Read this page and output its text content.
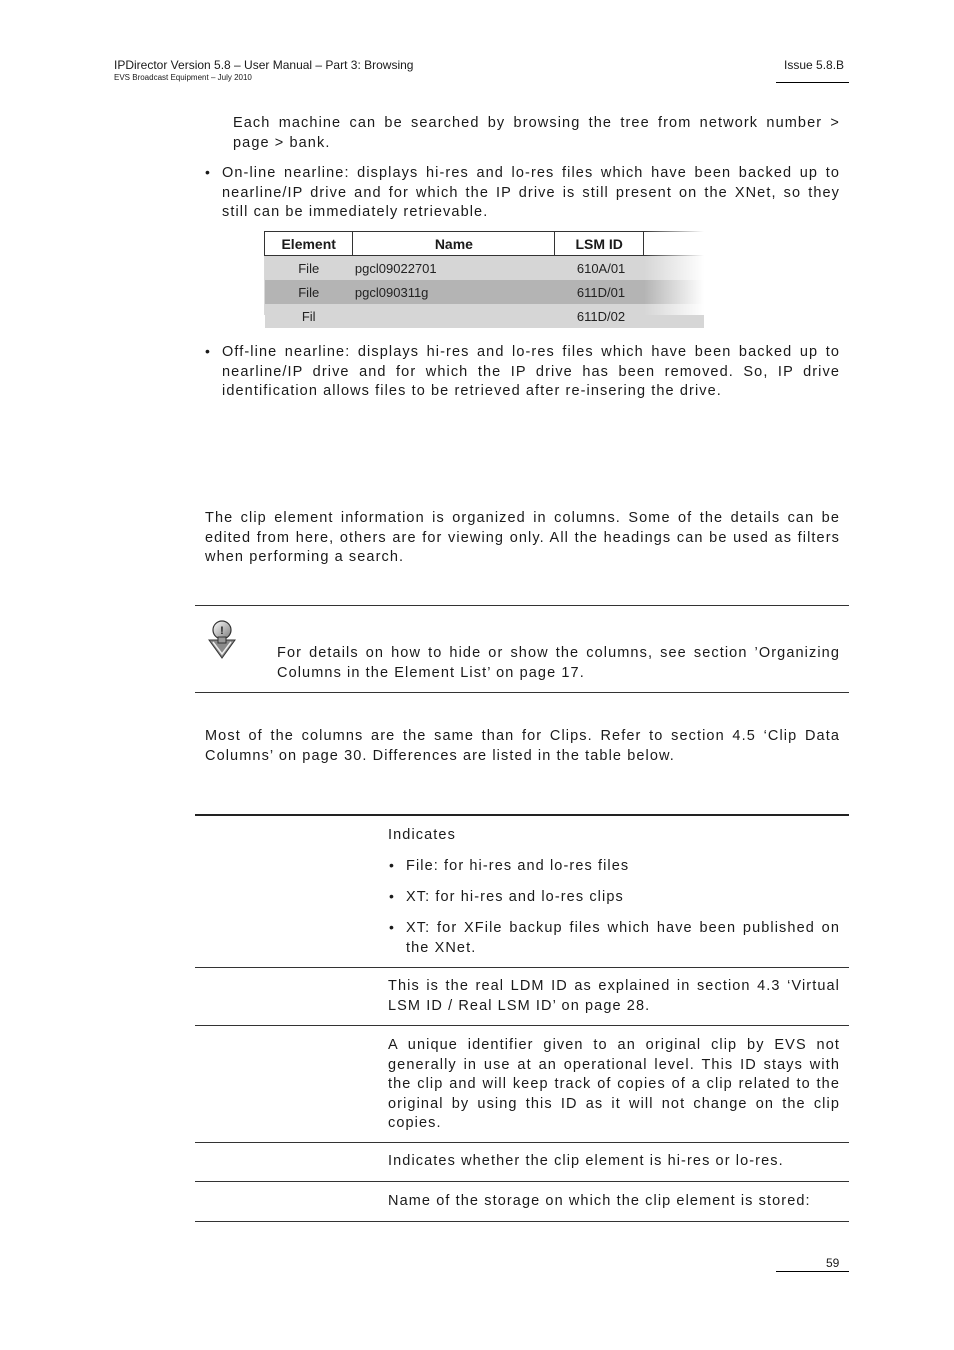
IPDirector Version 5.8 – User Manual – Part 3: Browsing
EVS Broadcast Equipment – July 2010
Issue 5.8.B
Each machine can be searched by browsing the tree from network number > page > bank.
• On-line nearline: displays hi-res and lo-res files which have been backed up to nearline/IP drive and for which the IP drive is still present on the XNet, so they still can be immediately retrievable.
Element	Name	LSM ID	
File	pgcl09022701	610A/01	
File	pgcl090311g	611D/01	
Fil		611D/02	
• Off-line nearline: displays hi-res and lo-res files which have been backed up to nearline/IP drive and for which the IP drive has been removed. So, IP drive identification allows files to be retrieved after re-insering the drive.
The clip element information is organized in columns. Some of the details can be edited from here, others are for viewing only. All the headings can be used as filters when performing a search.
!
For details on how to hide or show the columns, see section ’Organizing Columns in the Element List’ on page 17.
Most of the columns are the same than for Clips. Refer to section 4.5 ‘Clip Data Columns’ on page 30. Differences are listed in the table below.
Indicates
• File: for hi-res and lo-res files
• XT: for hi-res and lo-res clips
• XT: for XFile backup files which have been published on the XNet.
This is the real LDM ID as explained in section 4.3 ‘Virtual LSM ID / Real LSM ID’ on page 28.
A unique identifier given to an original clip by EVS not generally in use at an operational level. This ID stays with the clip and will keep track of copies of a clip related to the original by using this ID as it will not change on the clip copies.
Indicates whether the clip element is hi-res or lo-res.
Name of the storage on which the clip element is stored:
59
